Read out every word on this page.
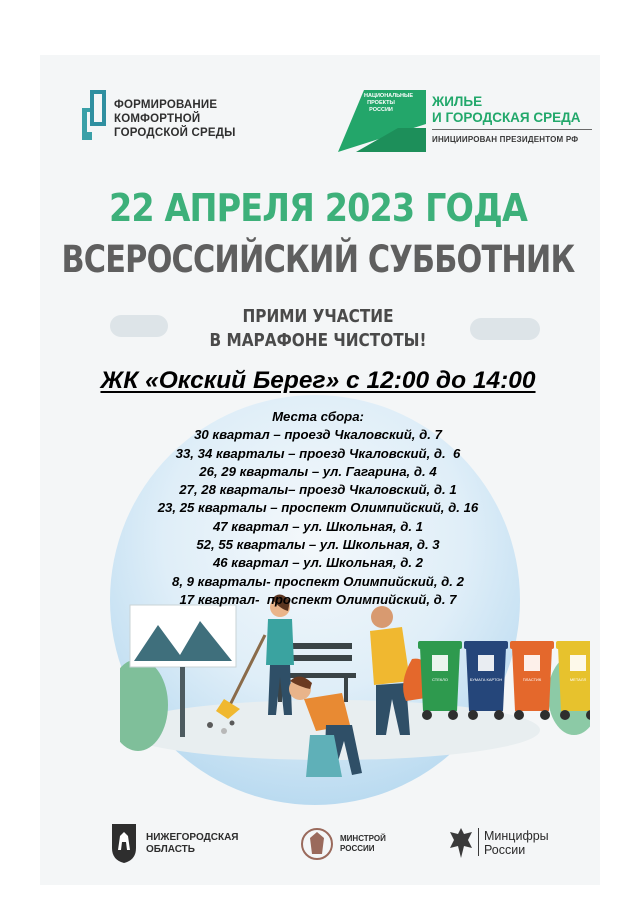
ФОРМИРОВАНИЕ
КОМФОРТНОЙ
ГОРОДСКОЙ СРЕДЫ
НАЦИОНАЛЬНЫЕ ПРОЕКТЫ РОССИИ
ЖИЛЬЕ
И ГОРОДСКАЯ СРЕДА
ИНИЦИИРОВАН ПРЕЗИДЕНТОМ РФ
22 АПРЕЛЯ 2023 ГОДА
ВСЕРОССИЙСКИЙ СУББОТНИК
ПРИМИ УЧАСТИЕ
В МАРАФОНЕ ЧИСТОТЫ!
СТЕКЛО	БУМАГА КАРТОН	ПЛАСТИК	МЕТАЛЛ
ЖК «Окский Берег» с 12:00 до 14:00
Места сбора:
30 квартал – проезд Чкаловский, д. 7
33, 34 кварталы – проезд Чкаловский, д.  6
26, 29 кварталы – ул. Гагарина, д. 4
27, 28 кварталы– проезд Чкаловский, д. 1
23, 25 кварталы – проспект Олимпийский, д. 16
47 квартал – ул. Школьная, д. 1
52, 55 кварталы – ул. Школьная, д. 3
46 квартал – ул. Школьная, д. 2
8, 9 кварталы- проспект Олимпийский, д. 2
17 квартал-  проспект Олимпийский, д. 7
НИЖЕГОРОДСКАЯ
ОБЛАСТЬ
МИНСТРОЙ
РОССИИ
Минцифры
России
